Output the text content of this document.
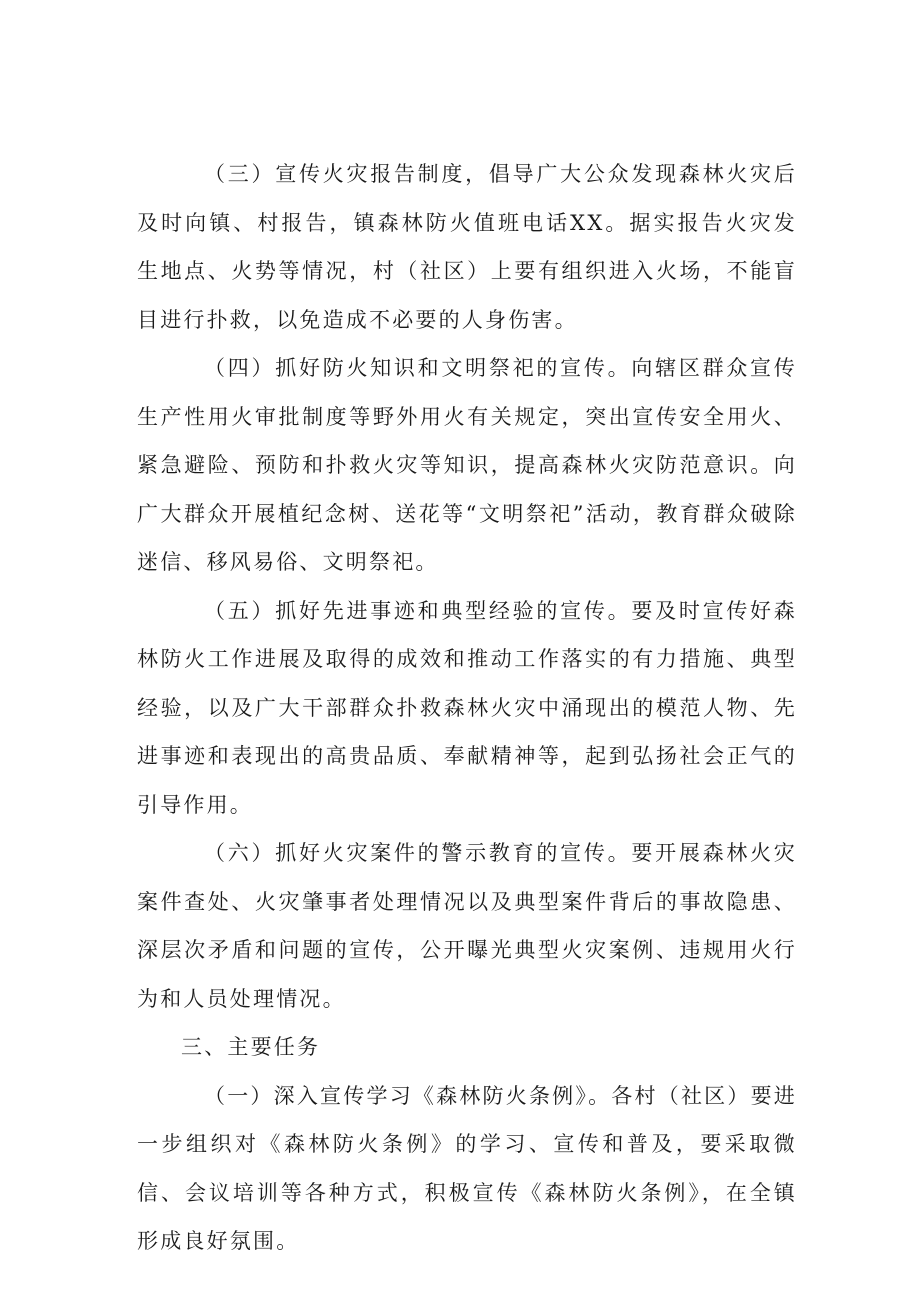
（三）宣传火灾报告制度，倡导广大公众发现森林火灾后及时向镇、村报告，镇森林防火值班电话XX。据实报告火灾发生地点、火势等情况，村（社区）上要有组织进入火场，不能盲目进行扑救，以免造成不必要的人身伤害。

（四）抓好防火知识和文明祭祀的宣传。向辖区群众宣传生产性用火审批制度等野外用火有关规定，突出宣传安全用火、紧急避险、预防和扑救火灾等知识，提高森林火灾防范意识。向广大群众开展植纪念树、送花等“文明祭祀”活动，教育群众破除迷信、移风易俗、文明祭祀。

（五）抓好先进事迹和典型经验的宣传。要及时宣传好森林防火工作进展及取得的成效和推动工作落实的有力措施、典型经验，以及广大干部群众扑救森林火灾中涌现出的模范人物、先进事迹和表现出的高贵品质、奉献精神等，起到弘扬社会正气的引导作用。

（六）抓好火灾案件的警示教育的宣传。要开展森林火灾案件查处、火灾肇事者处理情况以及典型案件背后的事故隐患、深层次矛盾和问题的宣传，公开曝光典型火灾案例、违规用火行为和人员处理情况。

三、主要任务

（一）深入宣传学习《森林防火条例》。各村（社区）要进一步组织对《森林防火条例》的学习、宣传和普及，要采取微信、会议培训等各种方式，积极宣传《森林防火条例》，在全镇形成良好氛围。
